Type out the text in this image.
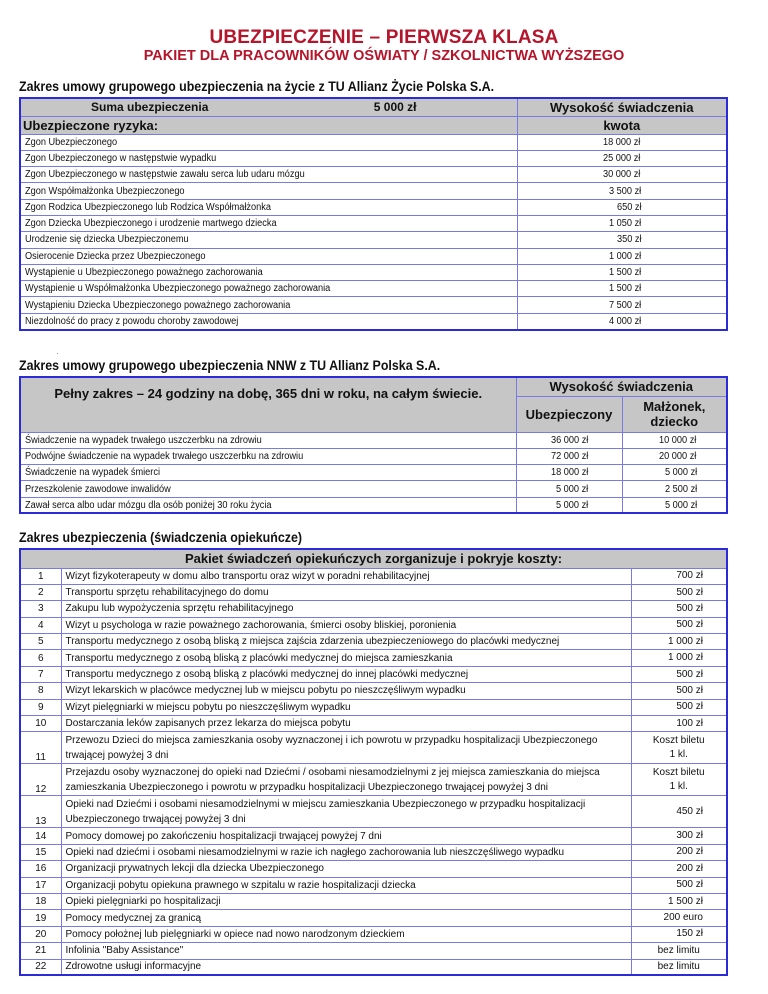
UBEZPIECZENIE – PIERWSZA KLASA
PAKIET DLA PRACOWNIKÓW OŚWIATY / SZKOLNICTWA WYŻSZEGO
Zakres umowy grupowego ubezpieczenia na życie z TU Allianz Życie Polska S.A.
Suma ubezpieczenia 5 000 zł	Wysokość świadczenia
Ubezpieczone ryzyka:	kwota
Zgon Ubezpieczonego	18 000 zł
Zgon Ubezpieczonego w następstwie wypadku	25 000 zł
Zgon Ubezpieczonego w następstwie zawału serca lub udaru mózgu	30 000 zł
Zgon Współmałżonka Ubezpieczonego	3 500 zł
Zgon Rodzica Ubezpieczonego lub Rodzica Współmałżonka	650 zł
Zgon Dziecka Ubezpieczonego i urodzenie martwego dziecka	1 050 zł
Urodzenie się dziecka Ubezpieczonemu	350 zł
Osierocenie Dziecka przez Ubezpieczonego	1 000 zł
Wystąpienie u Ubezpieczonego poważnego zachorowania	1 500 zł
Wystąpienie u Współmałżonka Ubezpieczonego poważnego zachorowania	1 500 zł
Wystąpieniu Dziecka Ubezpieczonego poważnego zachorowania	7 500 zł
Niezdolność do pracy z powodu choroby zawodowej	4 000 zł
Zakres umowy grupowego ubezpieczenia NNW z TU Allianz Polska S.A.
Pełny zakres – 24 godziny na dobę, 365 dni w roku, na całym świecie.	Wysokość świadczenia	
	Ubezpieczony	Małżonek, dziecko
Świadczenie na wypadek trwałego uszczerbku na zdrowiu	36 000 zł	10 000 zł
Podwójne świadczenie na wypadek trwałego uszczerbku na zdrowiu	72 000 zł	20 000 zł
Świadczenie na wypadek śmierci	18 000 zł	5 000 zł
Przeszkolenie zawodowe inwalidów	5 000 zł	2 500 zł
Zawał serca albo udar mózgu dla osób poniżej 30 roku życia	5 000 zł	5 000 zł
Zakres ubezpieczenia (świadczenia opiekuńcze)
Pakiet świadczeń opiekuńczych zorganizuje i pokryje koszty:		
1	Wizyt fizykoterapeuty w domu albo transportu oraz wizyt w poradni rehabilitacyjnej	700 zł
2	Transportu sprzętu rehabilitacyjnego do domu	500 zł
3	Zakupu lub wypożyczenia sprzętu rehabilitacyjnego	500 zł
4	Wizyt u psychologa w razie poważnego zachorowania, śmierci osoby bliskiej, poronienia	500 zł
5	Transportu medycznego z osobą bliską z miejsca zajścia zdarzenia ubezpieczeniowego do placówki medycznej	1 000 zł
6	Transportu medycznego z osobą bliską z placówki medycznej do miejsca zamieszkania	1 000 zł
7	Transportu medycznego z osobą bliską z placówki medycznej do innej placówki medycznej	500 zł
8	Wizyt lekarskich w placówce medycznej lub w miejscu pobytu po nieszczęśliwym wypadku	500 zł
9	Wizyt pielęgniarki w miejscu pobytu po nieszczęśliwym wypadku	500 zł
10	Dostarczania leków zapisanych przez lekarza do miejsca pobytu	100 zł
11	Przewozu Dzieci do miejsca zamieszkania osoby wyznaczonej i ich powrotu w przypadku hospitalizacji Ubezpieczonego trwającej powyżej 3 dni	Koszt biletu
1 kl.

12	Przejazdu osoby wyznaczonej do opieki nad Dziećmi / osobami niesamodzielnymi z jej miejsca zamieszkania do miejsca zamieszkania Ubezpieczonego i powrotu w przypadku hospitalizacji Ubezpieczonego trwającej powyżej 3 dni	Koszt biletu
1 kl.

13	Opieki nad Dziećmi i osobami niesamodzielnymi w miejscu zamieszkania Ubezpieczonego w przypadku hospitalizacji Ubezpieczonego trwającej powyżej 3 dni	450 zł
14	Pomocy domowej po zakończeniu hospitalizacji trwającej powyżej 7 dni	300 zł
15	Opieki nad dziećmi i osobami niesamodzielnymi w razie ich nagłego zachorowania lub nieszczęśliwego wypadku	200 zł
16	Organizacji prywatnych lekcji dla dziecka Ubezpieczonego	200 zł
17	Organizacji pobytu opiekuna prawnego w szpitalu w razie hospitalizacji dziecka	500 zł
18	Opieki pielęgniarki po hospitalizacji	1 500 zł
19	Pomocy medycznej za granicą	200 euro
20	Pomocy położnej lub pielęgniarki w opiece nad nowo narodzonym dzieckiem	150 zł
21	Infolinia "Baby Assistance"	bez limitu
22	Zdrowotne usługi informacyjne	bez limitu
